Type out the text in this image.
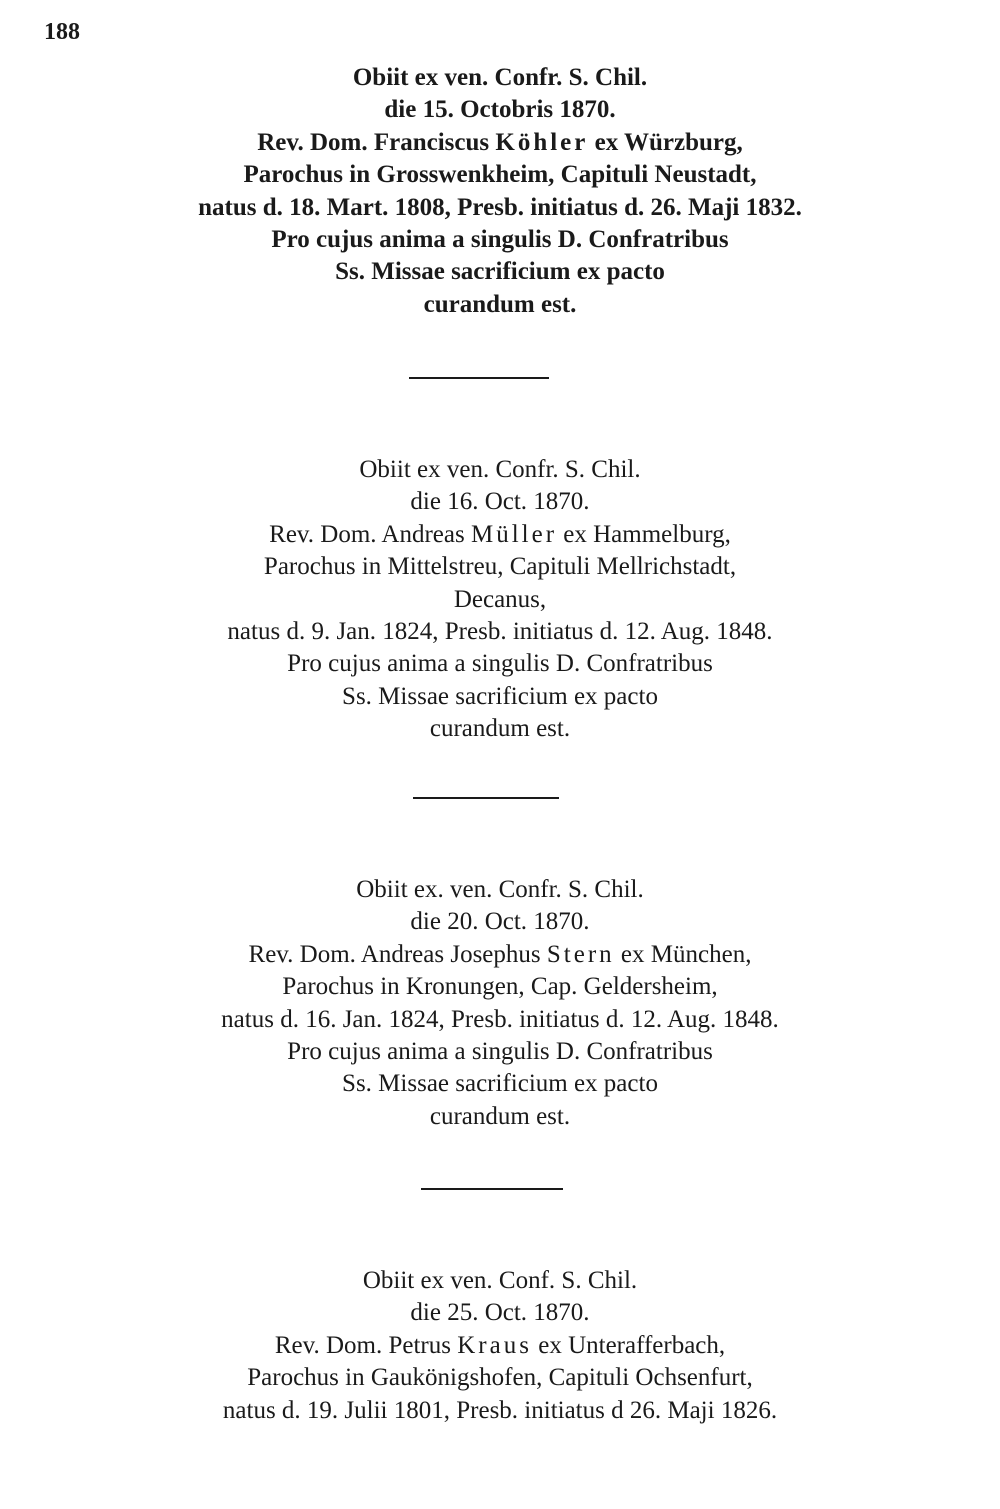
188
Obiit ex ven. Confr. S. Chil.
die 15. Octobris 1870.
Rev. Dom. Franciscus Köhler ex Würzburg,
Parochus in Grosswenkheim, Capituli Neustadt,
natus d. 18. Mart. 1808, Presb. initiatus d. 26. Maji 1832.
Pro cujus anima a singulis D. Confratribus
Ss. Missae sacrificium ex pacto
curandum est.
Obiit ex ven. Confr. S. Chil.
die 16. Oct. 1870.
Rev. Dom. Andreas Müller ex Hammelburg,
Parochus in Mittelstreu, Capituli Mellrichstadt,
Decanus,
natus d. 9. Jan. 1824, Presb. initiatus d. 12. Aug. 1848.
Pro cujus anima a singulis D. Confratribus
Ss. Missae sacrificium ex pacto
curandum est.
Obiit ex. ven. Confr. S. Chil.
die 20. Oct. 1870.
Rev. Dom. Andreas Josephus Stern ex München,
Parochus in Kronungen, Cap. Geldersheim,
natus d. 16. Jan. 1824, Presb. initiatus d. 12. Aug. 1848.
Pro cujus anima a singulis D. Confratribus
Ss. Missae sacrificium ex pacto
curandum est.
Obiit ex ven. Conf. S. Chil.
die 25. Oct. 1870.
Rev. Dom. Petrus Kraus ex Unterafferbach,
Parochus in Gaukönigshofen, Capituli Ochsenfurt,
natus d. 19. Julii 1801, Presb. initiatus d 26. Maji 1826.
